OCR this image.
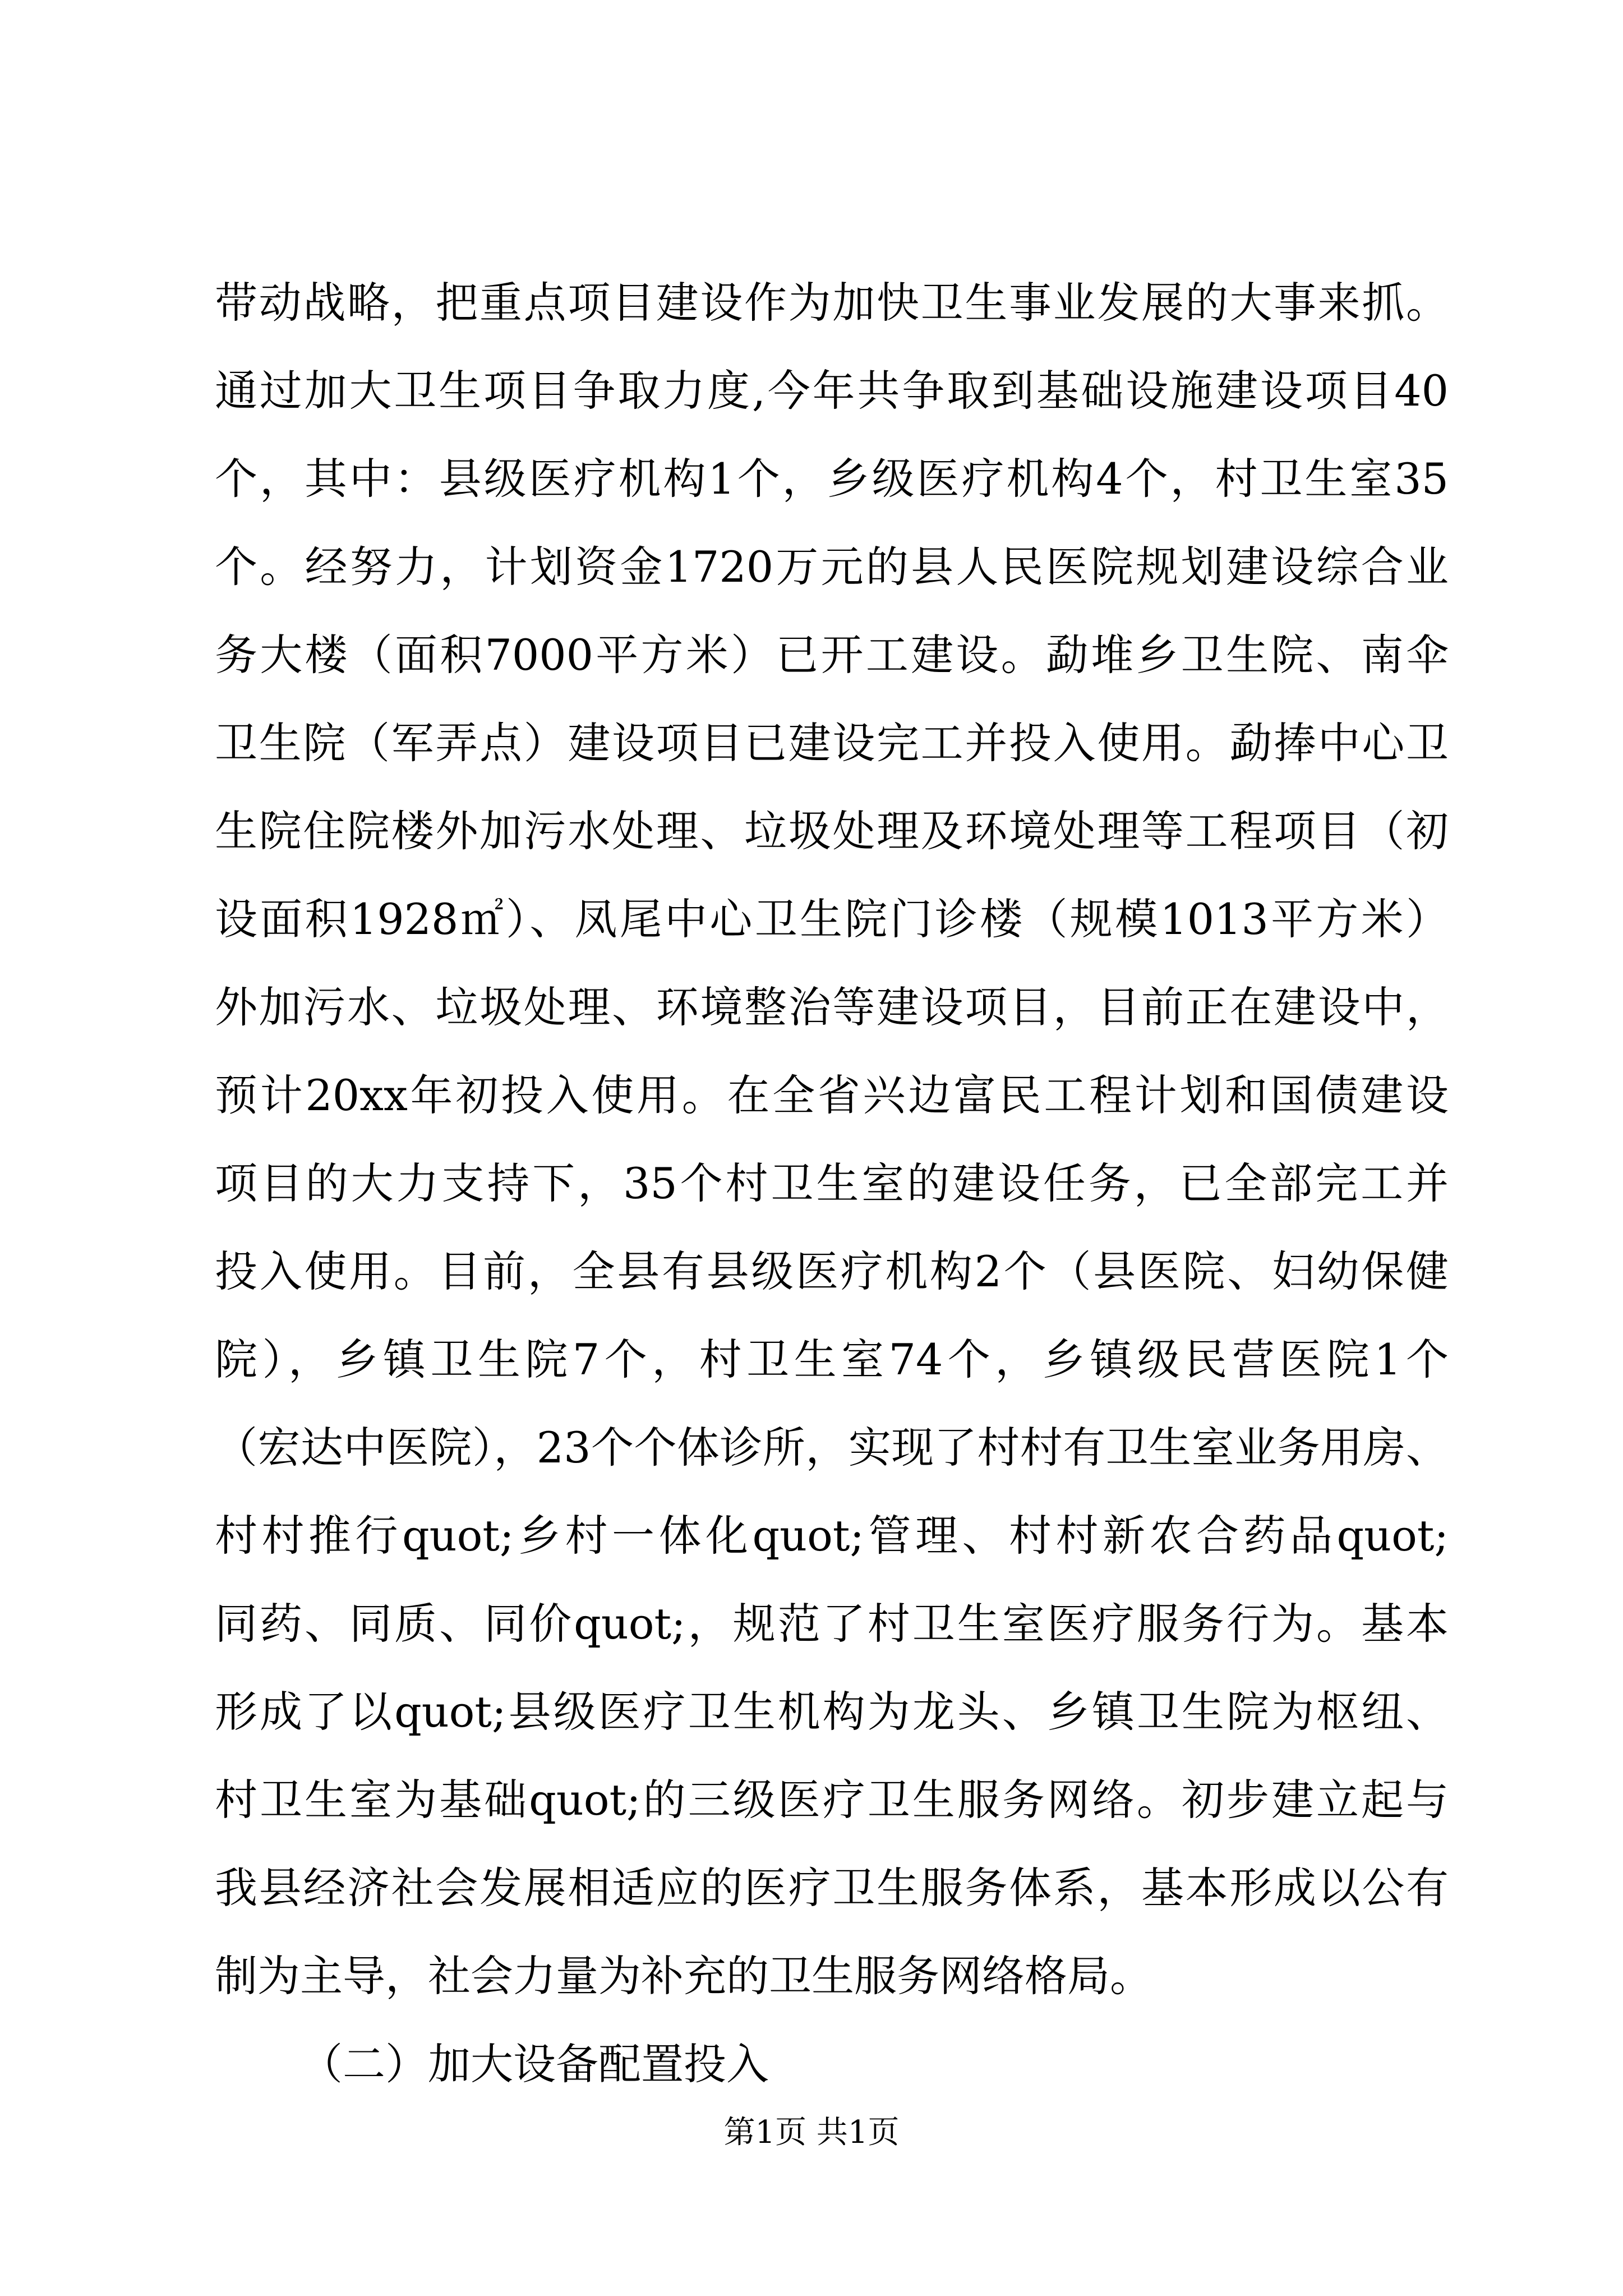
带动战略，把重点项目建设作为加快卫生事业发展的大事来抓。
通过加大卫生项目争取力度,今年共争取到基础设施建设项目40
个，其中：县级医疗机构1个，乡级医疗机构4个，村卫生室35
个。经努力，计划资金1720万元的县人民医院规划建设综合业
务大楼（面积7000平方米）已开工建设。勐堆乡卫生院、南伞
卫生院（军弄点）建设项目已建设完工并投入使用。勐捧中心卫
生院住院楼外加污水处理、垃圾处理及环境处理等工程项目（初
设面积1928㎡）、凤尾中心卫生院门诊楼（规模1013平方米）
外加污水、垃圾处理、环境整治等建设项目，目前正在建设中，
预计20xx年初投入使用。在全省兴边富民工程计划和国债建设
项目的大力支持下，35个村卫生室的建设任务，已全部完工并
投入使用。目前，全县有县级医疗机构2个（县医院、妇幼保健
院），乡镇卫生院7个，村卫生室74个，乡镇级民营医院1个
（宏达中医院），23个个体诊所，实现了村村有卫生室业务用房、
村村推行quot;乡村一体化quot;管理、村村新农合药品quot;
同药、同质、同价quot;，规范了村卫生室医疗服务行为。基本
形成了以quot;县级医疗卫生机构为龙头、乡镇卫生院为枢纽、
村卫生室为基础quot;的三级医疗卫生服务网络。初步建立起与
我县经济社会发展相适应的医疗卫生服务体系，基本形成以公有
制为主导，社会力量为补充的卫生服务网络格局。
（二）加大设备配置投入
第1页 共1页
